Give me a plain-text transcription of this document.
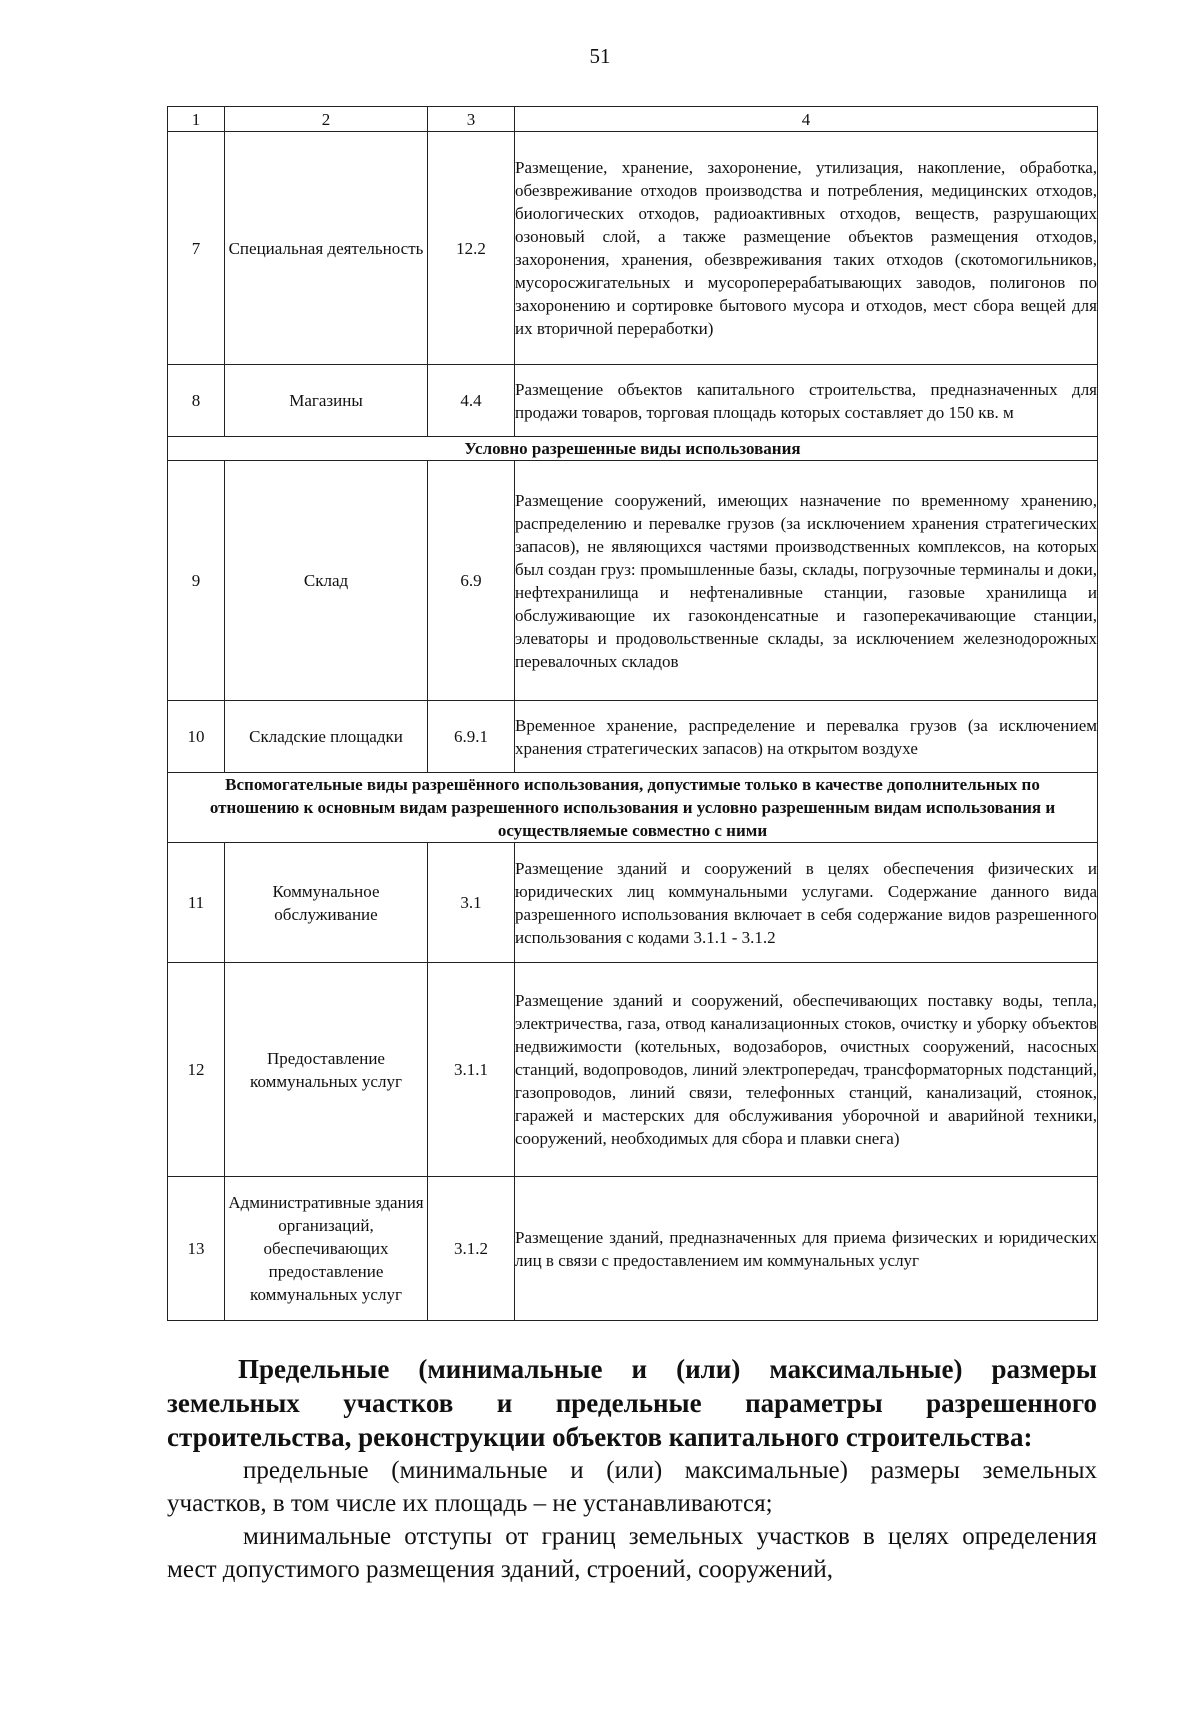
51
1	2	3	4
7	Специальная деятельность	12.2	Размещение, хранение, захоронение, утилизация, накопление, обработка, обезвреживание отходов производства и потребления, медицинских отходов, биологических отходов, радиоактивных отходов, веществ, разрушающих озоновый слой, а также размещение объектов размещения отходов, захоронения, хранения, обезвреживания таких отходов (скотомогильников, мусоросжигательных и мусороперерабатывающих заводов, полигонов по захоронению и сортировке бытового мусора и отходов, мест сбора вещей для их вторичной переработки)
8	Магазины	4.4	Размещение объектов капитального строительства, предназначенных для продажи товаров, торговая площадь которых составляет до 150 кв. м
Условно разрешенные виды использования			
9	Склад	6.9	Размещение сооружений, имеющих назначение по временному хранению, распределению и перевалке грузов (за исключением хранения стратегических запасов), не являющихся частями производственных комплексов, на которых был создан груз: промышленные базы, склады, погрузочные терминалы и доки, нефтехранилища и нефтеналивные станции, газовые хранилища и обслуживающие их газоконденсатные и газоперекачивающие станции, элеваторы и продовольственные склады, за исключением железнодорожных перевалочных складов
10	Складские площадки	6.9.1	Временное хранение, распределение и перевалка грузов (за исключением хранения стратегических запасов) на открытом воздухе
Вспомогательные виды разрешённого использования, допустимые только в качестве дополнительных по отношению к основным видам разрешенного использования и условно разрешенным видам использования и осуществляемые совместно с ними			
11	Коммунальное обслуживание	3.1	Размещение зданий и сооружений в целях обеспечения физических и юридических лиц коммунальными услугами. Содержание данного вида разрешенного использования включает в себя содержание видов разрешенного использования с кодами 3.1.1 - 3.1.2
12	Предоставление коммунальных услуг	3.1.1	Размещение зданий и сооружений, обеспечивающих поставку воды, тепла, электричества, газа, отвод канализационных стоков, очистку и уборку объектов недвижимости (котельных, водозаборов, очистных сооружений, насосных станций, водопроводов, линий электропередач, трансформаторных подстанций, газопроводов, линий связи, телефонных станций, канализаций, стоянок, гаражей и мастерских для обслуживания уборочной и аварийной техники, сооружений, необходимых для сбора и плавки снега)
13	Административные здания организаций, обеспечивающих предоставление коммунальных услуг	3.1.2	Размещение зданий, предназначенных для приема физических и юридических лиц в связи с предоставлением им коммунальных услуг

Предельные (минимальные и (или) максимальные) размеры земельных участков и предельные параметры разрешенного строительства, реконструкции объектов капитального строительства:

предельные (минимальные и (или) максимальные) размеры земельных участков, в том числе их площадь – не устанавливаются;

минимальные отступы от границ земельных участков в целях определения мест допустимого размещения зданий, строений, сооружений,
